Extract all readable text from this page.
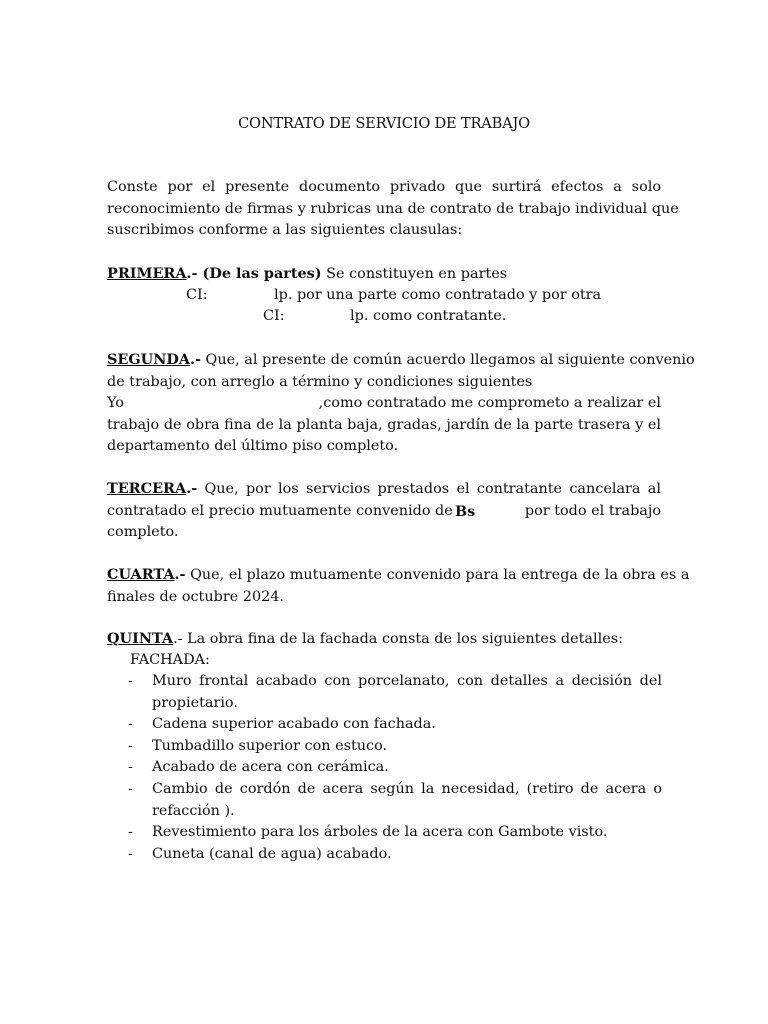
CONTRATO DE SERVICIO DE TRABAJO
Conste por el presente documento privado que surtirá efectos a solo
reconocimiento de firmas y rubricas una de contrato de trabajo individual que
suscribimos conforme a las siguientes clausulas:
PRIMERA.- (De las partes) Se constituyen en partes
CI:	lp. por una parte como contratado y por otra
CI:	lp. como contratante.
SEGUNDA.- Que, al presente de común acuerdo llegamos al siguiente convenio
de trabajo, con arreglo a término y condiciones siguientes
Yo	,como contratado me comprometo a realizar el
trabajo de obra fina de la planta baja, gradas, jardín de la parte trasera y el
departamento del último piso completo.
TERCERA.- Que, por los servicios prestados el contratante cancelara al
contratado el precio mutuamente convenido de Bs	por todo el trabajo
completo.
CUARTA.- Que, el plazo mutuamente convenido para la entrega de la obra es a
finales de octubre 2024.
QUINTA.- La obra fina de la fachada consta de los siguientes detalles:
FACHADA:
- Muro frontal acabado con porcelanato, con detalles a decisión del propietario.
- Cadena superior acabado con fachada.
- Tumbadillo superior con estuco.
- Acabado de acera con cerámica.
- Cambio de cordón de acera según la necesidad, (retiro de acera o refacción ).
- Revestimiento para los árboles de la acera con Gambote visto.
- Cuneta (canal de agua) acabado.
